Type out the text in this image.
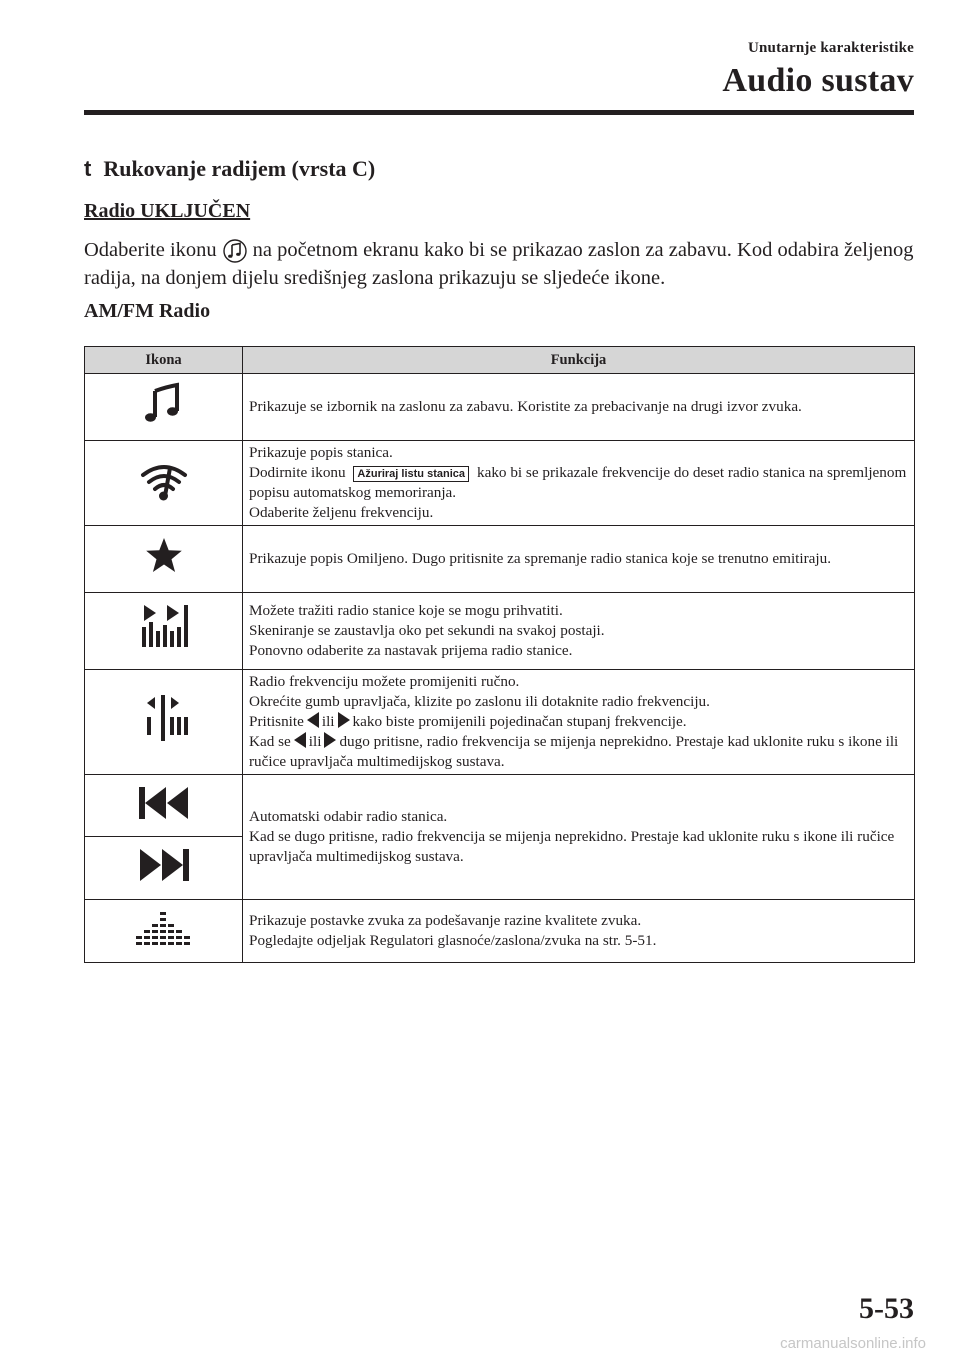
Unutarnje karakteristike
Audio sustav
t Rukovanje radijem (vrsta C)
Radio UKLJUČEN
Odaberite ikonu na početnom ekranu kako bi se prikazao zaslon za zabavu. Kod odabira željenog radija, na donjem dijelu središnjeg zaslona prikazuju se sljedeće ikone.
AM/FM Radio
Ikona	Funkcija
	Prikazuje se izbornik na zaslonu za zabavu. Koristite za prebacivanje na drugi izvor zvuka.
	Prikazuje popis stanica.
Dodirnite ikonu Ažuriraj listu stanica kako bi se prikazale frekvencije do deset radio stanica na spremljenom popisu automatskog memoriranja.
Odaberite željenu frekvenciju.
	Prikazuje popis Omiljeno. Dugo pritisnite za spremanje radio stanica koje se trenutno emitiraju.
	Možete tražiti radio stanice koje se mogu prihvatiti.
Skeniranje se zaustavlja oko pet sekundi na svakoj postaji.
Ponovno odaberite za nastavak prijema radio stanice.
	Radio frekvenciju možete promijeniti ručno.
Okrećite gumb upravljača, klizite po zaslonu ili dotaknite radio frekvenciju.
Pritisnite ili kako biste promijenili pojedinačan stupanj frekvencije.
Kad se ili dugo pritisne, radio frekvencija se mijenja neprekidno. Prestaje kad uklonite ruku s ikone ili ručice upravljača multimedijskog sustava.
	Automatski odabir radio stanica.
Kad se dugo pritisne, radio frekvencija se mijenja neprekidno. Prestaje kad uklonite ruku s ikone ili ručice upravljača multimedijskog sustava.

	Prikazuje postavke zvuka za podešavanje razine kvalitete zvuka.
Pogledajte odjeljak Regulatori glasnoće/zaslona/zvuka na str. 5-51.
5-53
carmanualsonline.info
